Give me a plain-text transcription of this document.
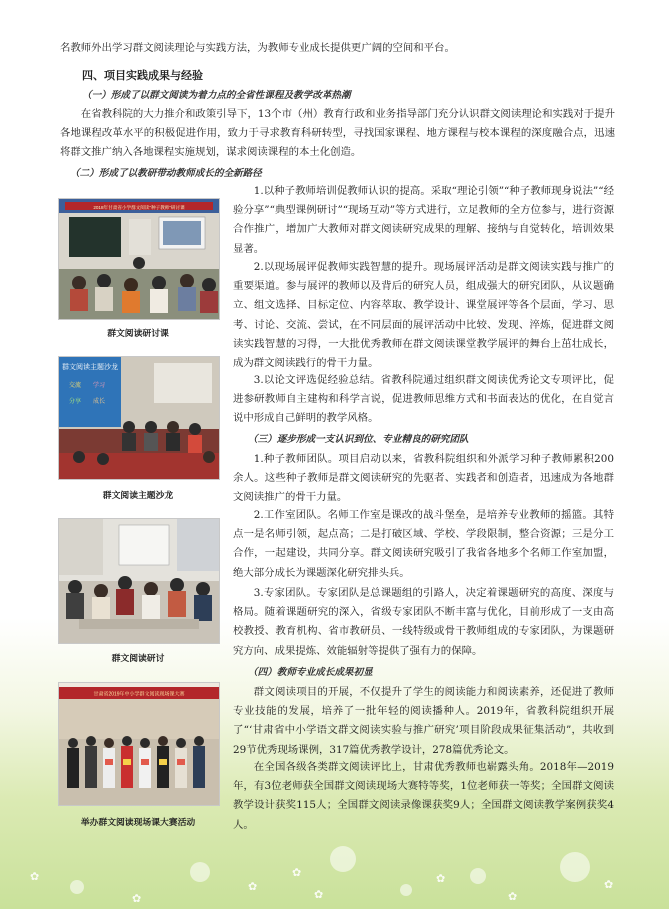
名教师外出学习群文阅读理论与实践方法，为教师专业成长提供更广阔的空间和平台。

四、项目实践成果与经验
（一）形成了以群文阅读为着力点的全省性课程及教学改革热潮

在省教科院的大力推介和政策引导下，13个市（州）教育行政和业务指导部门充分认识群文阅读理论和实践对于提升各地课程改革水平的积极促进作用，致力于寻求教育科研转型，寻找国家课程、地方课程与校本课程的深度融合点，迅速将群文推广纳入各地课程实施规划，谋求阅读课程的本土化创造。

（二）形成了以教研带动教师成长的全新路径
2018年甘肃省小学群文阅读“种子教师”研讨课
群文阅读研讨课
群文阅读主题沙龙
交流 学习
分享 成长
群文阅读主题沙龙
群文阅读研讨
甘肃省2019年中小学群文阅读现场课大赛
举办群文阅读现场课大赛活动

1.以种子教师培训促教师认识的提高。采取“理论引领”“种子教师现身说法”“经验分享”“典型课例研讨”“现场互动”等方式进行，立足教师的全方位参与，进行资源合作推广，增加广大教师对群文阅读研究成果的理解、接纳与自觉转化，培训效果显著。

2.以现场展评促教师实践智慧的提升。现场展评活动是群文阅读实践与推广的重要渠道。参与展评的教师以及背后的研究人员，组成强大的研究团队，从议题确立、组文选择、目标定位、内容萃取、教学设计、课堂展评等各个层面，学习、思考、讨论、交流、尝试，在不同层面的展评活动中比较、发现、淬炼，促进群文阅读实践智慧的习得，一大批优秀教师在群文阅读课堂教学展评的舞台上茁壮成长，成为群文阅读践行的骨干力量。

3.以论文评选促经验总结。省教科院通过组织群文阅读优秀论文专项评比，促进参研教师自主建构和科学言说，促进教师思维方式和书面表达的优化，在自觉言说中形成自己鲜明的教学风格。

（三）逐步形成一支认识到位、专业精良的研究团队

1.种子教师团队。项目启动以来，省教科院组织和外派学习种子教师累积200余人。这些种子教师是群文阅读研究的先驱者、实践者和创造者，迅速成为各地群文阅读推广的骨干力量。

2.工作室团队。名师工作室是课改的战斗堡垒，是培养专业教师的摇篮。其特点一是名师引领，起点高；二是打破区域、学校、学段限制，整合资源；三是分工合作，一起建设，共同分享。群文阅读研究吸引了我省各地多个名师工作室加盟，绝大部分成长为课题深化研究排头兵。

3.专家团队。专家团队是总课题组的引路人，决定着课题研究的高度、深度与格局。随着课题研究的深入，省级专家团队不断丰富与优化，目前形成了一支由高校教授、教育机构、省市教研员、一线特级或骨干教师组成的专家团队，为课题研究方向、成果提炼、效能辐射等提供了强有力的保障。

（四）教师专业成长成果初显

群文阅读项目的开展，不仅提升了学生的阅读能力和阅读素养，还促进了教师专业技能的发展，培养了一批年轻的阅读播种人。2019年，省教科院组织开展了“‘甘肃省中小学语文群文阅读实验与推广研究’项目阶段成果征集活动”，共收到29节优秀现场课例，317篇优秀教学设计，278篇优秀论文。

在全国各级各类群文阅读评比上，甘肃优秀教师也崭露头角。2018年—2019年，有3位老师获全国群文阅读现场大赛特等奖，1位老师获一等奖；全国群文阅读教学设计获奖115人；全国群文阅读录像课获奖9人；全国群文阅读教学案例获奖4人。

✿
✿
✿
✿
✿
✿
✿
✿
